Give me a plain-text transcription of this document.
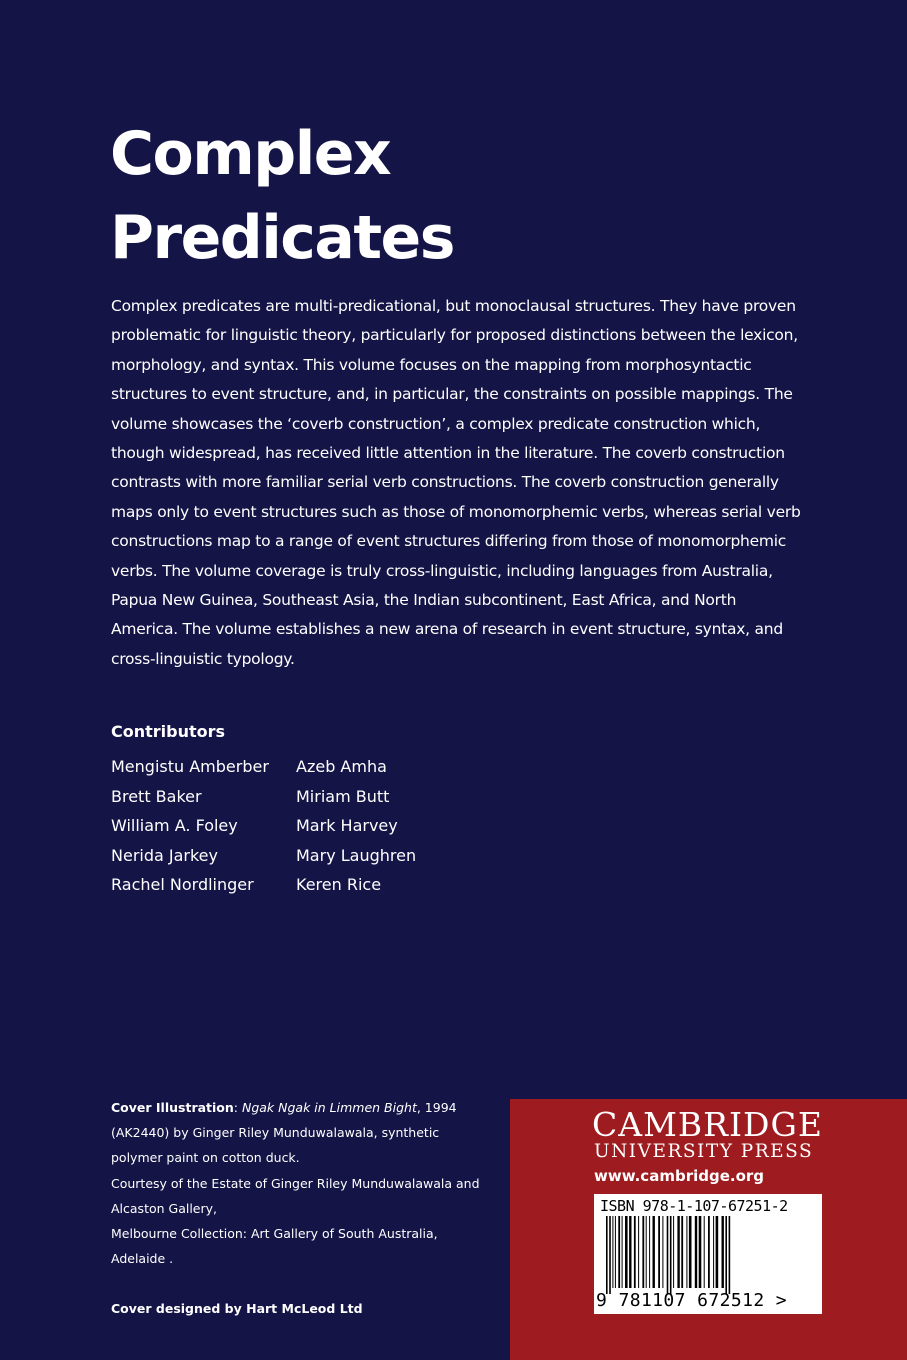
Complex
Predicates

Complex predicates are multi-predicational, but monoclausal structures. They have proven problematic for linguistic theory, particularly for proposed distinctions between the lexicon, morphology, and syntax. This volume focuses on the mapping from morphosyntactic structures to event structure, and, in particular, the constraints on possible mappings. The volume showcases the ‘coverb construction’, a complex predicate construction which, though widespread, has received little attention in the literature. The coverb construction contrasts with more familiar serial verb constructions. The coverb construction generally maps only to event structures such as those of monomorphemic verbs, whereas serial verb constructions map to a range of event structures differing from those of monomorphemic verbs. The volume coverage is truly cross-linguistic, including languages from Australia, Papua New Guinea, Southeast Asia, the Indian subcontinent, East Africa, and North America. The volume establishes a new arena of research in event structure, syntax, and cross-linguistic typology.

Contributors
Mengistu Amberber
Brett Baker
William A. Foley
Nerida Jarkey
Rachel Nordlinger
Azeb Amha
Miriam Butt
Mark Harvey
Mary Laughren
Keren Rice
Cover Illustration: Ngak Ngak in Limmen Bight, 1994 (AK2440) by Ginger Riley Munduwalawala, synthetic polymer paint on cotton duck.
Courtesy of the Estate of Ginger Riley Munduwalawala and Alcaston Gallery,
Melbourne Collection: Art Gallery of South Australia, Adelaide .
Cover designed by Hart McLeod Ltd
CAMBRIDGE
UNIVERSITY PRESS
www.cambridge.org
ISBN 978-1-107-67251-2
9 781107 672512 >
